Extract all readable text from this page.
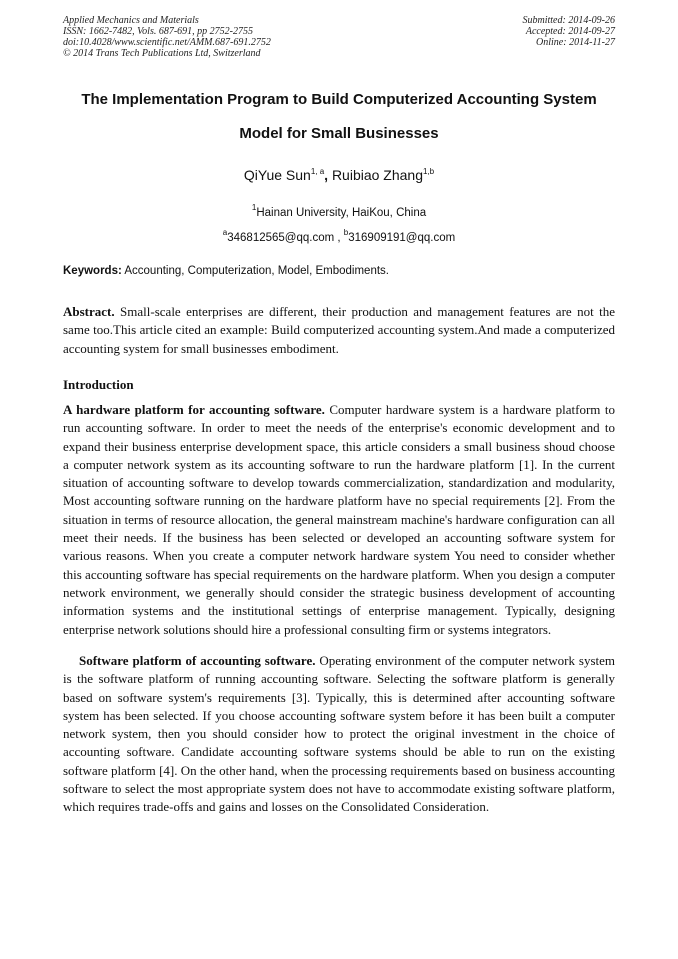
Applied Mechanics and Materials
ISSN: 1662-7482, Vols. 687-691, pp 2752-2755
doi:10.4028/www.scientific.net/AMM.687-691.2752
© 2014 Trans Tech Publications Ltd, Switzerland
Submitted: 2014-09-26
Accepted: 2014-09-27
Online: 2014-11-27
The Implementation Program to Build Computerized Accounting System
Model for Small Businesses
QiYue Sun$^{1, a}$, Ruibiao Zhang$^{1,b}$
$^1$Hainan University, HaiKou, China
$^a$346812565@qq.com , $^b$316909191@qq.com
Keywords: Accounting, Computerization, Model, Embodiments.

Abstract. Small-scale enterprises are different, their production and management features are not the same too.This article cited an example: Build computerized accounting system.And made a computerized accounting system for small businesses embodiment.

Introduction

A hardware platform for accounting software. Computer hardware system is a hardware platform to run accounting software. In order to meet the needs of the enterprise's economic development and to expand their business enterprise development space, this article considers a small business shoud choose a computer network system as its accounting software to run the hardware platform [1]. In the current situation of accounting software to develop towards commercialization, standardization and modularity, Most accounting software running on the hardware platform have no special requirements [2]. From the situation in terms of resource allocation, the general mainstream machine's hardware configuration can all meet their needs. If the business has been selected or developed an accounting software system for various reasons. When you create a computer network hardware system You need to consider whether this accounting software has special requirements on the hardware platform. When you design a computer network environment, we generally should consider the strategic business development of accounting information systems and the institutional settings of enterprise management. Typically, designing enterprise network solutions should hire a professional consulting firm or systems integrators.

Software platform of accounting software. Operating environment of the computer network system is the software platform of running accounting software. Selecting the software platform is generally based on software system's requirements [3]. Typically, this is determined after accounting software system has been selected. If you choose accounting software system before it has been built a computer network system, then you should consider how to protect the original investment in the choice of accounting software. Candidate accounting software systems should be able to run on the existing software platform [4]. On the other hand, when the processing requirements based on business accounting software to select the most appropriate system does not have to accommodate existing software platform, which requires trade-offs and gains and losses on the Consolidated Consideration.
